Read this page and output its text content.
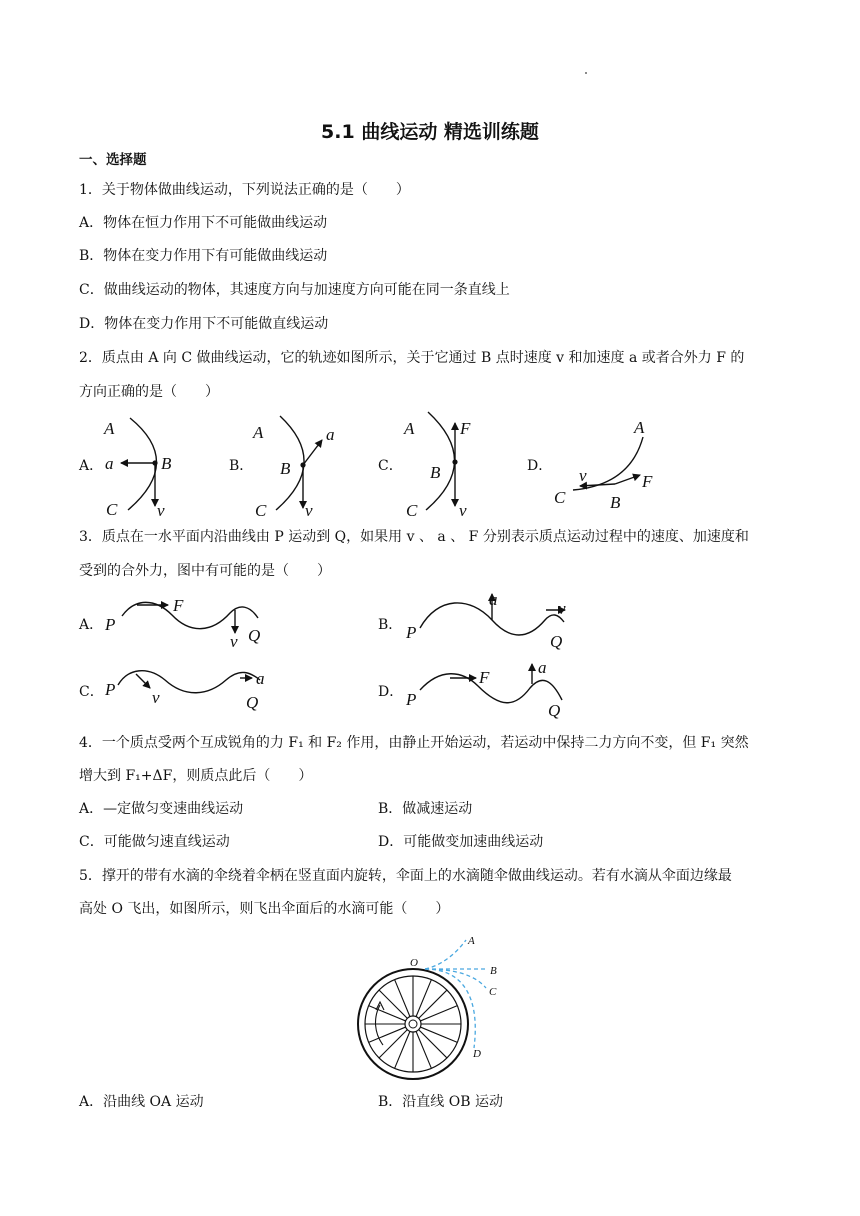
5.1 曲线运动 精选训练题
一、选择题
1．关于物体做曲线运动，下列说法正确的是（　　）
A．物体在恒力作用下不可能做曲线运动
B．物体在变力作用下有可能做曲线运动
C．做曲线运动的物体，其速度方向与加速度方向可能在同一条直线上
D．物体在变力作用下不可能做直线运动
2．质点由 A 向 C 做曲线运动，它的轨迹如图所示，关于它通过 B 点时速度 v 和加速度 a 或者合外力 F 的
方向正确的是（　　）
A．	B．	C．	D．
A
B
C
a
v
A	a
B
C v
A	F
B
C v
A
v	F
C	B
3．质点在一水平面内沿曲线由 P 运动到 Q，如果用 v 、 a 、 F 分别表示质点运动过程中的速度、加速度和
受到的合外力，图中有可能的是（　　）
A．	B．
C．	D．
P
F
v Q	P
a	v
Q
P v
a
Q	P
F
a
Q
4．一个质点受两个互成锐角的力 F₁ 和 F₂ 作用，由静止开始运动，若运动中保持二力方向不变，但 F₁ 突然
增大到 F₁+ΔF，则质点此后（　　）
A．—定做匀变速曲线运动	B．做减速运动
C．可能做匀速直线运动	D．可能做变加速曲线运动
5．撑开的带有水滴的伞绕着伞柄在竖直面内旋转，伞面上的水滴随伞做曲线运动。若有水滴从伞面边缘最
高处 O 飞出，如图所示，则飞出伞面后的水滴可能（　　）
O
A
B
C
D
A．沿曲线 OA 运动	B．沿直线 OB 运动
